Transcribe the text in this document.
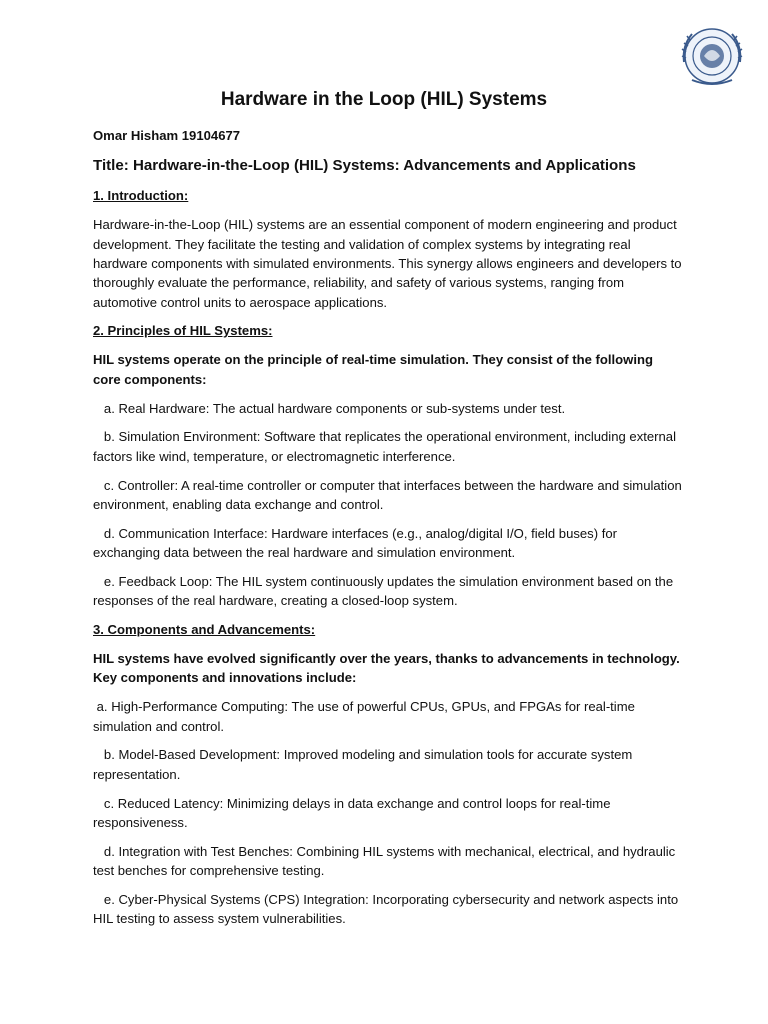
Hardware in the Loop (HIL) Systems

Omar Hisham 19104677

Title: Hardware-in-the-Loop (HIL) Systems: Advancements and Applications

1. Introduction:

Hardware-in-the-Loop (HIL) systems are an essential component of modern engineering and product development. They facilitate the testing and validation of complex systems by integrating real hardware components with simulated environments. This synergy allows engineers and developers to thoroughly evaluate the performance, reliability, and safety of various systems, ranging from automotive control units to aerospace applications.

2. Principles of HIL Systems:

HIL systems operate on the principle of real-time simulation. They consist of the following core components:

a. Real Hardware: The actual hardware components or sub-systems under test.

b. Simulation Environment: Software that replicates the operational environment, including external factors like wind, temperature, or electromagnetic interference.

c. Controller: A real-time controller or computer that interfaces between the hardware and simulation environment, enabling data exchange and control.

d. Communication Interface: Hardware interfaces (e.g., analog/digital I/O, field buses) for exchanging data between the real hardware and simulation environment.

e. Feedback Loop: The HIL system continuously updates the simulation environment based on the responses of the real hardware, creating a closed-loop system.

3. Components and Advancements:

HIL systems have evolved significantly over the years, thanks to advancements in technology. Key components and innovations include:

a. High-Performance Computing: The use of powerful CPUs, GPUs, and FPGAs for real-time simulation and control.

b. Model-Based Development: Improved modeling and simulation tools for accurate system representation.

c. Reduced Latency: Minimizing delays in data exchange and control loops for real-time responsiveness.

d. Integration with Test Benches: Combining HIL systems with mechanical, electrical, and hydraulic test benches for comprehensive testing.

e. Cyber-Physical Systems (CPS) Integration: Incorporating cybersecurity and network aspects into HIL testing to assess system vulnerabilities.
